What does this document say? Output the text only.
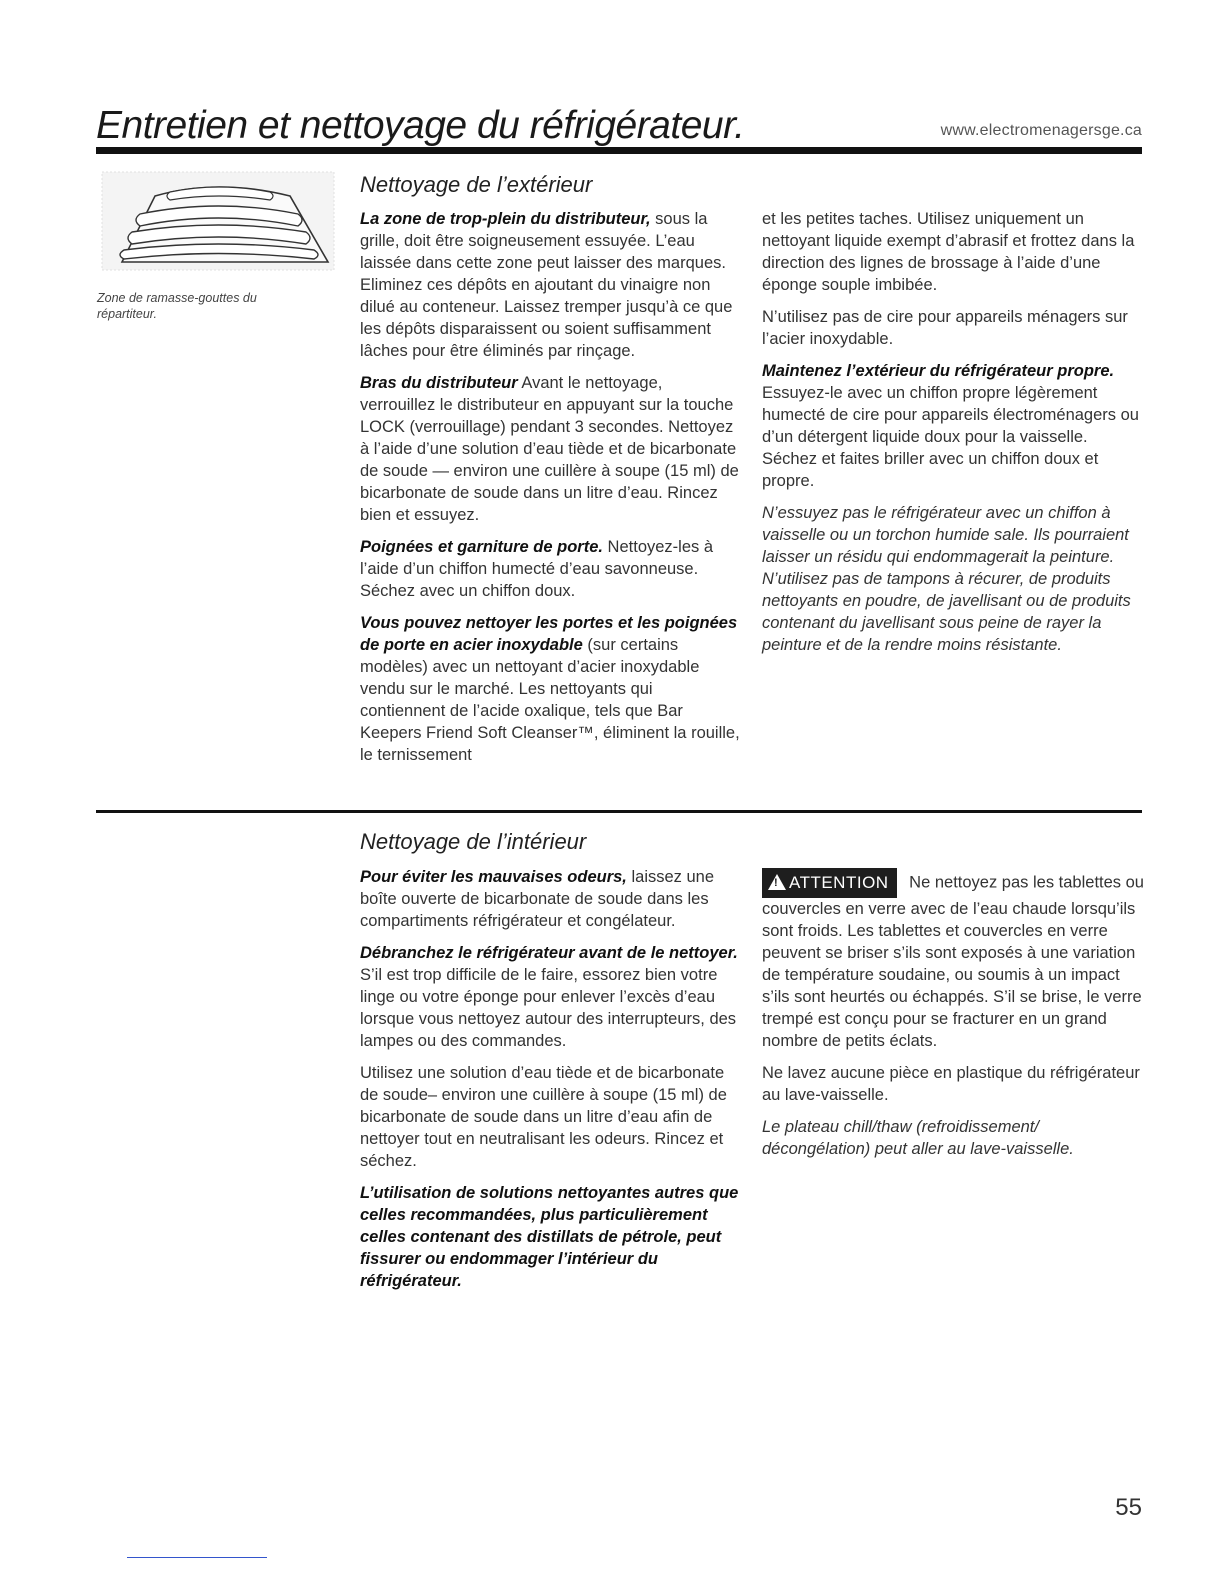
Entretien et nettoyage du réfrigérateur.	www.electromenagersge.ca
Zone de ramasse-gouttes du répartiteur.
Nettoyage de l’extérieur

La zone de trop-plein du distributeur, sous la grille, doit être soigneusement essuyée. L’eau laissée dans cette zone peut laisser des marques. Eliminez ces dépôts en ajoutant du vinaigre non dilué au conteneur. Laissez tremper jusqu’à ce que les dépôts disparaissent ou soient suffisamment lâches pour être éliminés par rinçage.

Bras du distributeur Avant le nettoyage, verrouillez le distributeur en appuyant sur la touche LOCK (verrouillage) pendant 3 secondes. Nettoyez à l’aide d’une solution d’eau tiède et de bicarbonate de soude — environ une cuillère à soupe (15 ml) de bicarbonate de soude dans un litre d’eau. Rincez bien et essuyez.

Poignées et garniture de porte. Nettoyez-les à l’aide d’un chiffon humecté d’eau savonneuse. Séchez avec un chiffon doux.

Vous pouvez nettoyer les portes et les poignées de porte en acier inoxydable (sur certains modèles) avec un nettoyant d’acier inoxydable vendu sur le marché. Les nettoyants qui contiennent de l’acide oxalique, tels que Bar Keepers Friend Soft Cleanser™, éliminent la rouille, le ternissement

et les petites taches. Utilisez uniquement un nettoyant liquide exempt d’abrasif et frottez dans la direction des lignes de brossage à l’aide d’une éponge souple imbibée.

N’utilisez pas de cire pour appareils ménagers sur l’acier inoxydable.

Maintenez l’extérieur du réfrigérateur propre. Essuyez-le avec un chiffon propre légèrement humecté de cire pour appareils électroménagers ou d’un détergent liquide doux pour la vaisselle. Séchez et faites briller avec un chiffon doux et propre.

N’essuyez pas le réfrigérateur avec un chiffon à vaisselle ou un torchon humide sale. Ils pourraient laisser un résidu qui endommagerait la peinture. N’utilisez pas de tampons à récurer, de produits nettoyants en poudre, de javellisant ou de produits contenant du javellisant sous peine de rayer la peinture et de la rendre moins résistante.

Nettoyage de l’intérieur

Pour éviter les mauvaises odeurs, laissez une boîte ouverte de bicarbonate de soude dans les compartiments réfrigérateur et congélateur.

Débranchez le réfrigérateur avant de le nettoyer. S’il est trop difficile de le faire, essorez bien votre linge ou votre éponge pour enlever l’excès d’eau lorsque vous nettoyez autour des interrupteurs, des lampes ou des commandes.

Utilisez une solution d’eau tiède et de bicarbonate de soude– environ une cuillère à soupe (15 ml) de bicarbonate de soude dans un litre d’eau afin de nettoyer tout en neutralisant les odeurs. Rincez et séchez.

L’utilisation de solutions nettoyantes autres que celles recommandées, plus particulièrement celles contenant des distillats de pétrole, peut fissurer ou endommager l’intérieur du réfrigérateur.

! ATTENTION Ne nettoyez pas les tablettes ou couvercles en verre avec de l’eau chaude lorsqu’ils sont froids. Les tablettes et couvercles en verre peuvent se briser s’ils sont exposés à une variation de température soudaine, ou soumis à un impact s’ils sont heurtés ou échappés. S’il se brise, le verre trempé est conçu pour se fracturer en un grand nombre de petits éclats.

Ne lavez aucune pièce en plastique du réfrigérateur au lave-vaisselle.

Le plateau chill/thaw (refroidissement/ décongélation) peut aller au lave-vaisselle.

55
